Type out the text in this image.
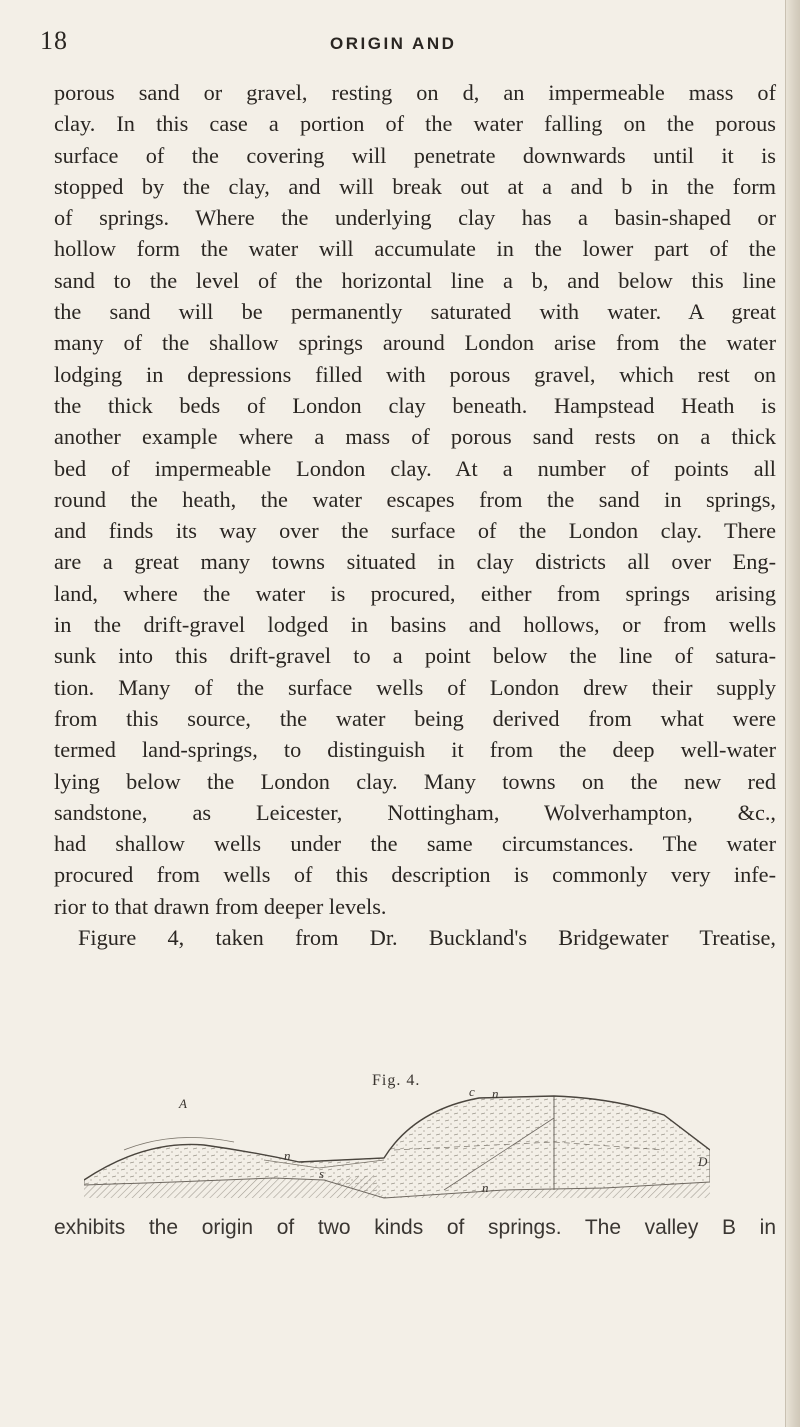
18	ORIGIN AND
porous sand or gravel, resting on d, an impermeable mass of
clay. In this case a portion of the water falling on the porous
surface of the covering will penetrate downwards until it is
stopped by the clay, and will break out at a and b in the form
of springs. Where the underlying clay has a basin-shaped or
hollow form the water will accumulate in the lower part of the
sand to the level of the horizontal line a b, and below this line
the sand will be permanently saturated with water. A great
many of the shallow springs around London arise from the water
lodging in depressions filled with porous gravel, which rest on
the thick beds of London clay beneath. Hampstead Heath is
another example where a mass of porous sand rests on a thick
bed of impermeable London clay. At a number of points all
round the heath, the water escapes from the sand in springs,
and finds its way over the surface of the London clay. There
are a great many towns situated in clay districts all over Eng-
land, where the water is procured, either from springs arising
in the drift-gravel lodged in basins and hollows, or from wells
sunk into this drift-gravel to a point below the line of satura-
tion. Many of the surface wells of London drew their supply
from this source, the water being derived from what were
termed land-springs, to distinguish it from the deep well-water
lying below the London clay. Many towns on the new red
sandstone, as Leicester, Nottingham, Wolverhampton, &c.,
had shallow wells under the same circumstances. The water
procured from wells of this description is commonly very infe-
rior to that drawn from deeper levels.
Figure 4, taken from Dr. Buckland's Bridgewater Treatise,
Fig. 4.
A
n
n
s
c
n
D
exhibits the origin of two kinds of springs. The valley B in
